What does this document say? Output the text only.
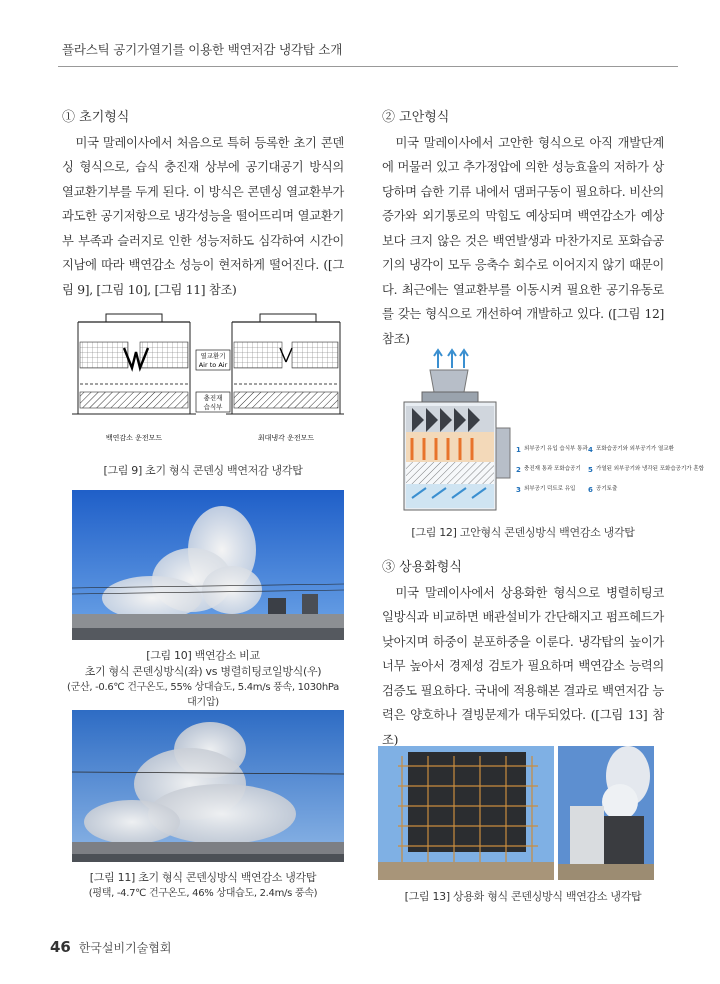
플라스틱 공기가열기를 이용한 백연저감 냉각탑 소개
① 초기형식
미국 말레이사에서 처음으로 특허 등록한 초기 콘덴싱 형식으로, 습식 충진재 상부에 공기대공기 방식의 열교환기부를 두게 된다. 이 방식은 콘덴싱 열교환부가 과도한 공기저항으로 냉각성능을 떨어뜨리며 열교환기부 부족과 슬러지로 인한 성능저하도 심각하여 시간이 지남에 따라 백연감소 성능이 현저하게 떨어진다. ([그림 9], [그림 10], [그림 11] 참조)
열교환기
Air to Air
충진재
습식부
백연감소 운전모드	최대냉각 운전모드
[그림 9] 초기 형식 콘덴싱 백연저감 냉각탑
[그림 10] 백연감소 비교
초기 형식 콘덴싱방식(좌) vs 병렬히팅코일방식(우)
(군산, -0.6℃ 건구온도, 55% 상대습도, 5.4m/s 풍속, 1030hPa 대기압)
[그림 11] 초기 형식 콘덴싱방식 백연감소 냉각탑
(평택, -4.7℃ 건구온도, 46% 상대습도, 2.4m/s 풍속)
② 고안형식
미국 말레이사에서 고안한 형식으로 아직 개발단계에 머물러 있고 추가정압에 의한 성능효율의 저하가 상당하며 습한 기류 내에서 댐퍼구동이 필요하다. 비산의 증가와 외기통로의 막힘도 예상되며 백연감소가 예상보다 크지 않은 것은 백연발생과 마찬가지로 포화습공기의 냉각이 모두 응축수 회수로 이어지지 않기 때문이다. 최근에는 열교환부를 이동시켜 필요한 공기유동로를 갖는 형식으로 개선하여 개발하고 있다. ([그림 12] 참조)
1 외부공기 유입 습식부 통과
2 충진재 통과 포화습공기
3 외부공기 덕트로 유입
4 포화습공기와 외부공기가 열교환
5 가열된 외부공기와 냉각된 포화습공기가 혼합
6 공기토출
[그림 12] 고안형식 콘덴싱방식 백연감소 냉각탑
③ 상용화형식
미국 말레이사에서 상용화한 형식으로 병렬히팅코일방식과 비교하면 배관설비가 간단해지고 펌프헤드가 낮아지며 하중이 분포하중을 이룬다. 냉각탑의 높이가 너무 높아서 경제성 검토가 필요하며 백연감소 능력의 검증도 필요하다. 국내에 적용해본 결과로 백연저감 능력은 양호하나 결빙문제가 대두되었다. ([그림 13] 참조)
[그림 13] 상용화 형식 콘덴싱방식 백연감소 냉각탑
46 한국설비기술협회
